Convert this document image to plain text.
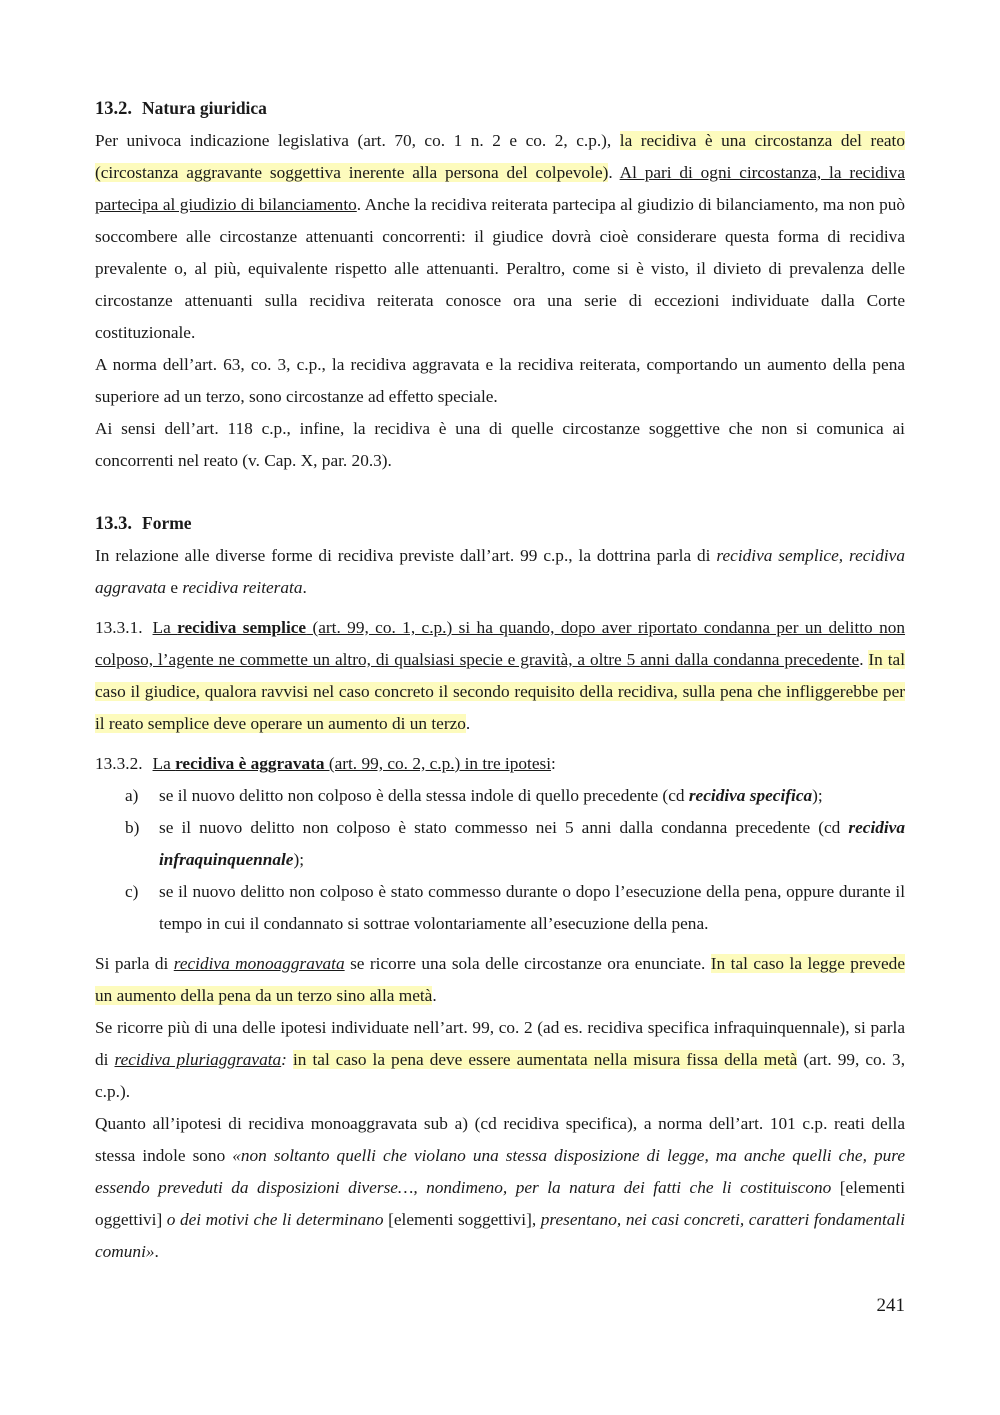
13.2. Natura giuridica

Per univoca indicazione legislativa (art. 70, co. 1 n. 2 e co. 2, c.p.), la recidiva è una circostanza del reato (circostanza aggravante soggettiva inerente alla persona del colpevole). Al pari di ogni circostanza, la recidiva partecipa al giudizio di bilanciamento. Anche la recidiva reiterata partecipa al giudizio di bilanciamento, ma non può soccombere alle circostanze attenuanti concorrenti: il giudice dovrà cioè considerare questa forma di recidiva prevalente o, al più, equivalente rispetto alle attenuanti. Peraltro, come si è visto, il divieto di prevalenza delle circostanze attenuanti sulla recidiva reiterata conosce ora una serie di eccezioni individuate dalla Corte costituzionale.

A norma dell’art. 63, co. 3, c.p., la recidiva aggravata e la recidiva reiterata, comportando un aumento della pena superiore ad un terzo, sono circostanze ad effetto speciale.

Ai sensi dell’art. 118 c.p., infine, la recidiva è una di quelle circostanze soggettive che non si comunica ai concorrenti nel reato (v. Cap. X, par. 20.3).

13.3. Forme

In relazione alle diverse forme di recidiva previste dall’art. 99 c.p., la dottrina parla di recidiva semplice, recidiva aggravata e recidiva reiterata.

13.3.1. La recidiva semplice (art. 99, co. 1, c.p.) si ha quando, dopo aver riportato condanna per un delitto non colposo, l’agente ne commette un altro, di qualsiasi specie e gravità, a oltre 5 anni dalla condanna precedente. In tal caso il giudice, qualora ravvisi nel caso concreto il secondo requisito della recidiva, sulla pena che infliggerebbe per il reato semplice deve operare un aumento di un terzo.

13.3.2. La recidiva è aggravata (art. 99, co. 2, c.p.) in tre ipotesi:

a)	se il nuovo delitto non colposo è della stessa indole di quello precedente (cd recidiva specifica);
b)	se il nuovo delitto non colposo è stato commesso nei 5 anni dalla condanna precedente (cd recidiva infraquinquennale);
c)	se il nuovo delitto non colposo è stato commesso durante o dopo l’esecuzione della pena, oppure durante il tempo in cui il condannato si sottrae volontariamente all’esecuzione della pena.

Si parla di recidiva monoaggravata se ricorre una sola delle circostanze ora enunciate. In tal caso la legge prevede un aumento della pena da un terzo sino alla metà.

Se ricorre più di una delle ipotesi individuate nell’art. 99, co. 2 (ad es. recidiva specifica infraquinquennale), si parla di recidiva pluriaggravata: in tal caso la pena deve essere aumentata nella misura fissa della metà (art. 99, co. 3, c.p.).

Quanto all’ipotesi di recidiva monoaggravata sub a) (cd recidiva specifica), a norma dell’art. 101 c.p. reati della stessa indole sono «non soltanto quelli che violano una stessa disposizione di legge, ma anche quelli che, pure essendo preveduti da disposizioni diverse…, nondimeno, per la natura dei fatti che li costituiscono [elementi oggettivi] o dei motivi che li determinano [elementi soggettivi], presentano, nei casi concreti, caratteri fondamentali comuni».

241
